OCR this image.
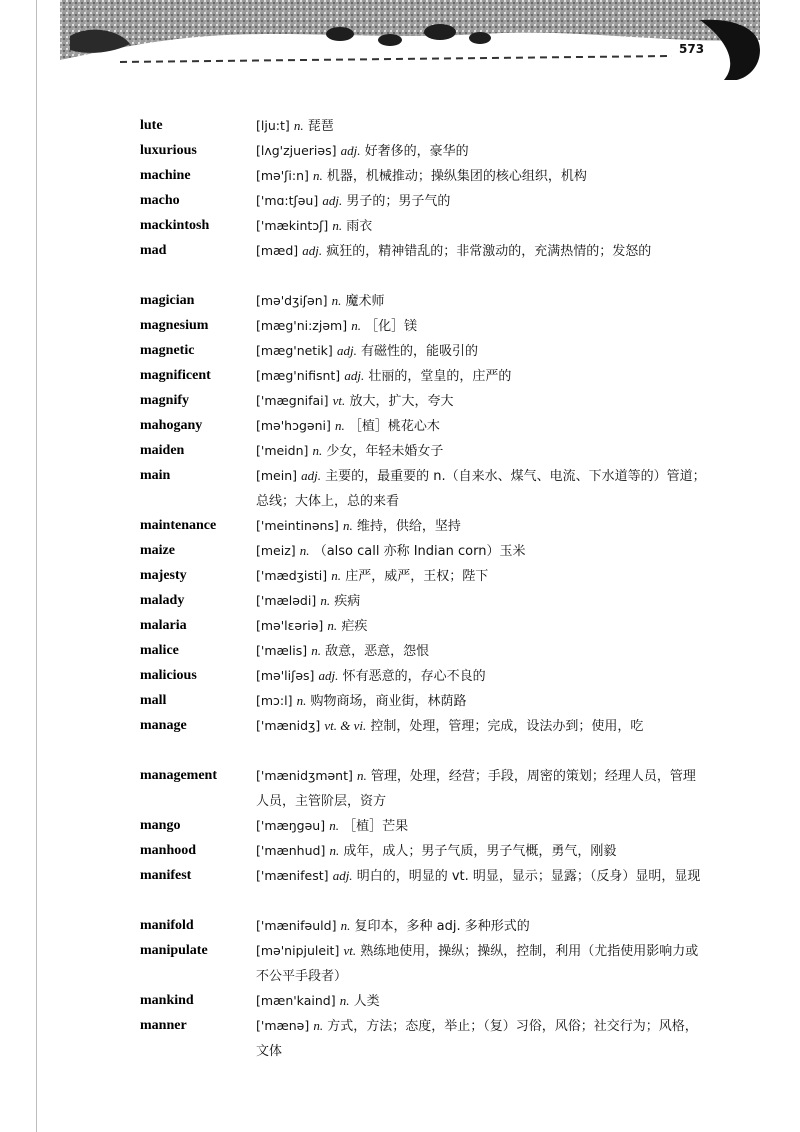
573
lute	[lju:t] n. 琵琶
luxurious	[lʌg'zjueriəs] adj. 好奢侈的，豪华的
machine	[mə'ʃi:n] n. 机器，机械推动；操纵集团的核心组织，机构
macho	['mɑ:tʃəu] adj. 男子的；男子气的
mackintosh	['mækintɔʃ] n. 雨衣
mad	[mæd] adj. 疯狂的，精神错乱的；非常激动的，充满热情的；发怒的
magician	[mə'dʒiʃən] n. 魔术师
magnesium	[mæg'ni:zjəm] n. ［化］镁
magnetic	[mæg'netik] adj. 有磁性的，能吸引的
magnificent	[mæg'nifisnt] adj. 壮丽的，堂皇的，庄严的
magnify	['mægnifai] vt. 放大，扩大，夸大
mahogany	[mə'hɔgəni] n. ［植］桃花心木
maiden	['meidn] n. 少女，年轻未婚女子
main	[mein] adj. 主要的，最重要的 n.（自来水、煤气、电流、下水道等的）管道；总线；大体上，总的来看
maintenance	['meintinəns] n. 维持，供给，坚持
maize	[meiz] n. （also call 亦称 Indian corn）玉米
majesty	['mædʒisti] n. 庄严，威严，王权；陛下
malady	['mælədi] n. 疾病
malaria	[mə'lɛəriə] n. 疟疾
malice	['mælis] n. 敌意，恶意，怨恨
malicious	[mə'liʃəs] adj. 怀有恶意的，存心不良的
mall	[mɔ:l] n. 购物商场，商业街，林荫路
manage	['mænidʒ] vt. & vi. 控制，处理，管理；完成，设法办到；使用，吃
management	['mænidʒmənt] n. 管理，处理，经营；手段，周密的策划；经理人员，管理人员，主管阶层，资方
mango	['mæŋgəu] n. ［植］芒果
manhood	['mænhud] n. 成年，成人；男子气质，男子气概，勇气，刚毅
manifest	['mænifest] adj. 明白的，明显的 vt. 明显，显示；显露；（反身）显明，显现
manifold	['mænifəuld] n. 复印本，多种 adj. 多种形式的
manipulate	[mə'nipjuleit] vt. 熟练地使用，操纵；操纵，控制，利用（尤指使用影响力或不公平手段者）
mankind	[mæn'kaind] n. 人类
manner	['mænə] n. 方式，方法；态度，举止；（复）习俗，风俗；社交行为；风格，文体
